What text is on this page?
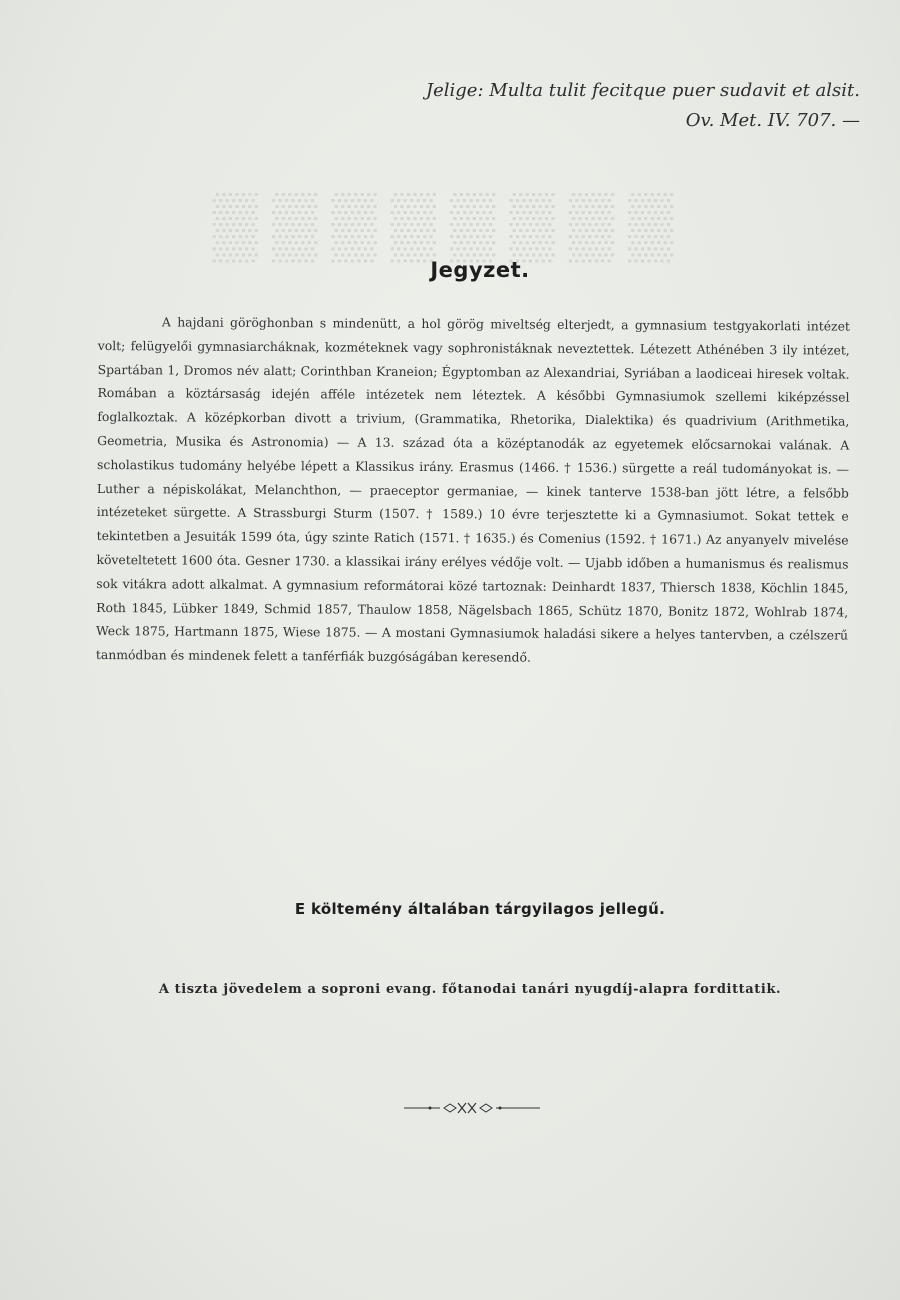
▒▒▒▒▒▒▒▒
Jelige: Multa tulit fecitque puer sudavit et alsit.
Ov. Met. IV. 707. —
Jegyzet.

A hajdani göröghonban s mindenütt, a hol görög miveltség elterjedt, a gymnasium testgyakorlati intézet volt; felügyelői gymnasiarcháknak, kozméteknek vagy sophronistáknak neveztettek. Létezett Athénében 3 ily intézet, Spartában 1, Dromos név alatt; Corinthban Kraneion; Égyptomban az Alexandriai, Syriában a laodiceai hiresek voltak. Romában a köztársaság idején afféle intézetek nem léteztek. A későbbi Gymnasiumok szellemi kiképzéssel foglalkoztak. A középkorban divott a trivium, (Grammatika, Rhetorika, Dialektika) és quadrivium (Arithmetika, Geometria, Musika és Astronomia) — A 13. század óta a középtanodák az egyetemek előcsarnokai valának. A scholastikus tudomány helyébe lépett a Klassikus irány. Erasmus (1466. † 1536.) sürgette a reál tudományokat is. — Luther a népiskolákat, Melanchthon, — praeceptor germaniae, — kinek tanterve 1538-ban jött létre, a felsőbb intézeteket sürgette. A Strassburgi Sturm (1507. † 1589.) 10 évre terjesztette ki a Gymnasiumot. Sokat tettek e tekintetben a Jesuiták 1599 óta, úgy szinte Ratich (1571. † 1635.) és Comenius (1592. † 1671.) Az anyanyelv mivelése követeltetett 1600 óta. Gesner 1730. a klassikai irány erélyes védője volt. — Ujabb időben a humanismus és realismus sok vitákra adott alkalmat. A gymnasium reformátorai közé tartoznak: Deinhardt 1837, Thiersch 1838, Köchlin 1845, Roth 1845, Lübker 1849, Schmid 1857, Thaulow 1858, Nägelsbach 1865, Schütz 1870, Bonitz 1872, Wohlrab 1874, Weck 1875, Hartmann 1875, Wiese 1875. — A mostani Gymnasiumok haladási sikere a helyes tantervben, a czélszerű tanmódban és mindenek felett a tanférfiák buzgóságában keresendő.

E költemény általában tárgyilagos jellegű.
A tiszta jövedelem a soproni evang. főtanodai tanári nyugdíj-alapra fordittatik.
